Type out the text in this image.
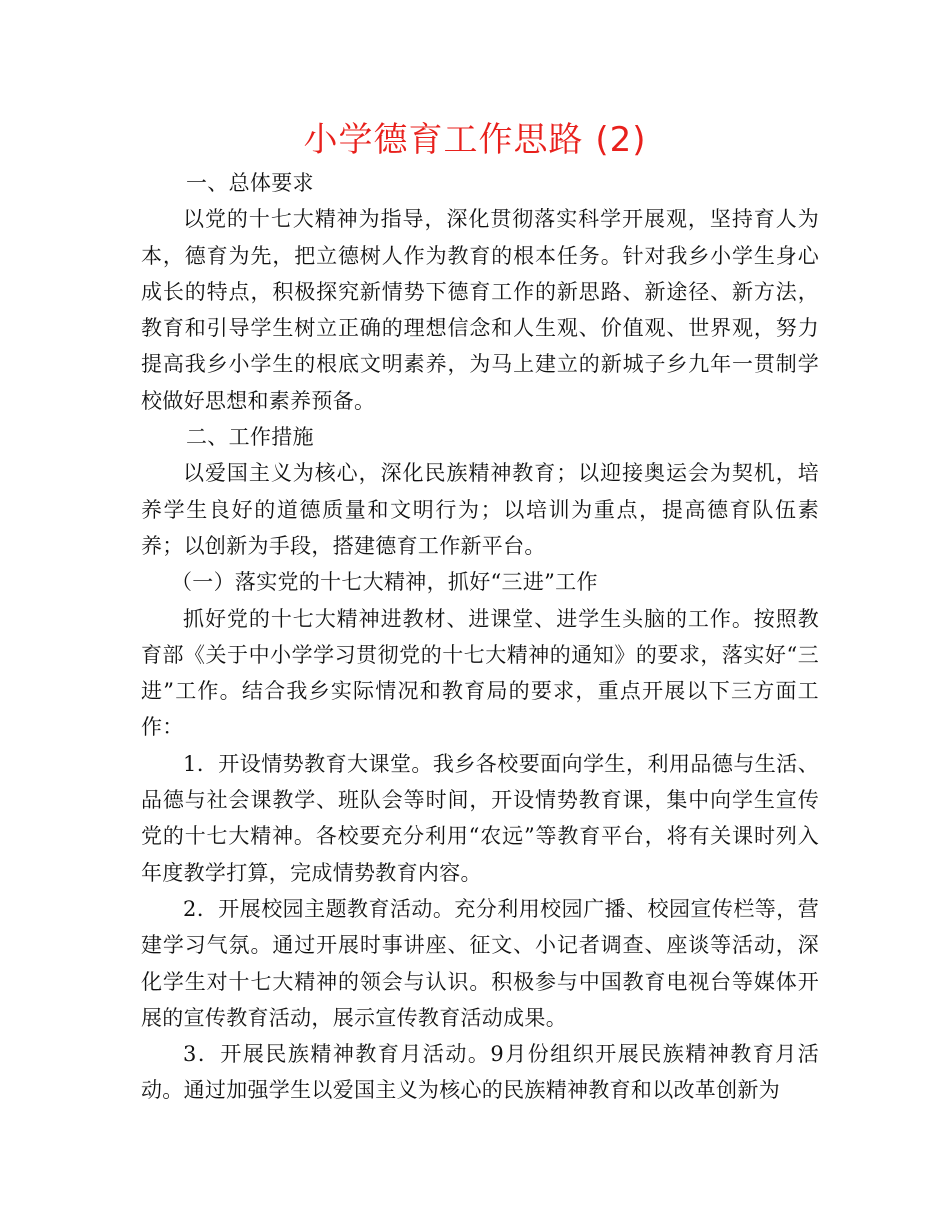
小学德育工作思路 (2)

一、总体要求

以党的十七大精神为指导，深化贯彻落实科学开展观，坚持育人为本，德育为先，把立德树人作为教育的根本任务。针对我乡小学生身心成长的特点，积极探究新情势下德育工作的新思路、新途径、新方法，教育和引导学生树立正确的理想信念和人生观、价值观、世界观，努力提高我乡小学生的根底文明素养，为马上建立的新城子乡九年一贯制学校做好思想和素养预备。

二、工作措施

以爱国主义为核心，深化民族精神教育；以迎接奥运会为契机，培养学生良好的道德质量和文明行为；以培训为重点，提高德育队伍素养；以创新为手段，搭建德育工作新平台。

（一）落实党的十七大精神，抓好“三进”工作

抓好党的十七大精神进教材、进课堂、进学生头脑的工作。按照教育部《关于中小学学习贯彻党的十七大精神的通知》的要求，落实好“三进”工作。结合我乡实际情况和教育局的要求，重点开展以下三方面工作：

1．开设情势教育大课堂。我乡各校要面向学生，利用品德与生活、品德与社会课教学、班队会等时间，开设情势教育课，集中向学生宣传党的十七大精神。各校要充分利用“农远”等教育平台，将有关课时列入年度教学打算，完成情势教育内容。

2．开展校园主题教育活动。充分利用校园广播、校园宣传栏等，营建学习气氛。通过开展时事讲座、征文、小记者调查、座谈等活动，深化学生对十七大精神的领会与认识。积极参与中国教育电视台等媒体开展的宣传教育活动，展示宣传教育活动成果。

3．开展民族精神教育月活动。9月份组织开展民族精神教育月活动。通过加强学生以爱国主义为核心的民族精神教育和以改革创新为
